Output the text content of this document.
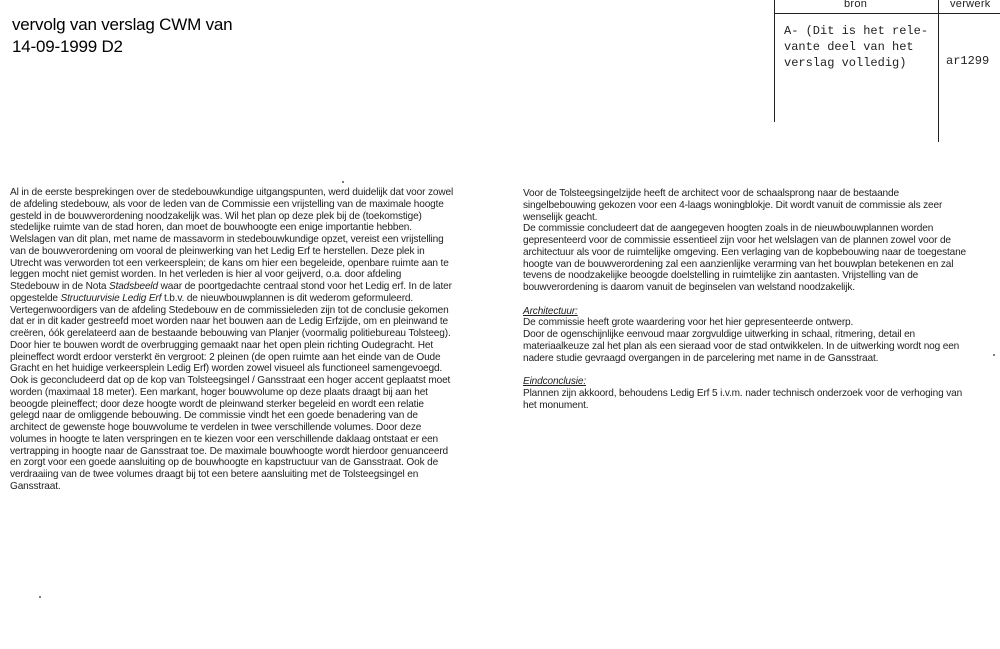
vervolg van verslag CWM van
14-09-1999 D2
bron	verwerk
A- (Dit is het rele-
vante deel van het
verslag volledig)	ar1299
Al in de eerste besprekingen over de stedebouwkundige uitgangspunten, werd duidelijk dat voor zowel
de afdeling stedebouw, als voor de leden van de Commissie een vrijstelling van de maximale hoogte
gesteld in de bouwverordening noodzakelijk was. Wil het plan op deze plek bij de (toekomstige)
stedelijke ruimte van de stad horen, dan moet de bouwhoogte een enige importantie hebben.
Welslagen van dit plan, met name de massavorm in stedebouwkundige opzet, vereist een vrijstelling
van de bouwverordening om vooral de pleinwerking van het Ledig Erf te herstellen. Deze plek in
Utrecht was verworden tot een verkeersplein; de kans om hier een begeleide, openbare ruimte aan te
leggen mocht niet gemist worden. In het verleden is hier al voor geijverd, o.a. door afdeling
Stedebouw in de Nota Stadsbeeld waar de poortgedachte centraal stond voor het Ledig erf. In de later
opgestelde Structuurvisie Ledig Erf t.b.v. de nieuwbouwplannen is dit wederom geformuleerd.
Vertegenwoordigers van de afdeling Stedebouw en de commissieleden zijn tot de conclusie gekomen
dat er in dit kader gestreefd moet worden naar het bouwen aan de Ledig Erfzijde, om en pleinwand te
creëren, óók gerelateerd aan de bestaande bebouwing van Planjer (voormalig politiebureau Tolsteeg).
Door hier te bouwen wordt de overbrugging gemaakt naar het open plein richting Oudegracht. Het
pleineffect wordt erdoor versterkt ën vergroot: 2 pleinen (de open ruimte aan het einde van de Oude
Gracht en het huidige verkeersplein Ledig Erf) worden zowel visueel als functioneel samengevoegd.
Ook is geconcludeerd dat op de kop van Tolsteegsingel / Gansstraat een hoger accent geplaatst moet
worden (maximaal 18 meter). Een markant, hoger bouwvolume op deze plaats draagt bij aan het
beoogde pleineffect; door deze hoogte wordt de pleinwand sterker begeleid en wordt een relatie
gelegd naar de omliggende bebouwing. De commissie vindt het een goede benadering van de
architect de gewenste hoge bouwvolume te verdelen in twee verschillende volumes. Door deze
volumes in hoogte te laten verspringen en te kiezen voor een verschillende daklaag ontstaat er een
vertrapping in hoogte naar de Gansstraat toe. De maximale bouwhoogte wordt hierdoor genuanceerd
en zorgt voor een goede aansluiting op de bouwhoogte en kapstructuur van de Gansstraat. Ook de
verdraaiing van de twee volumes draagt bij tot een betere aansluiting met de Tolsteegsingel en
Gansstraat.
Voor de Tolsteegsingelzijde heeft de architect voor de schaalsprong naar de bestaande
singelbebouwing gekozen voor een 4-laags woningblokje. Dit wordt vanuit de commissie als zeer
wenselijk geacht.
De commissie concludeert dat de aangegeven hoogten zoals in de nieuwbouwplannen worden
gepresenteerd voor de commissie essentieel zijn voor het welslagen van de plannen zowel voor de
architectuur als voor de ruimtelijke omgeving. Een verlaging van de kopbebouwing naar de toegestane
hoogte van de bouwverordening zal een aanzienlijke verarming van het bouwplan betekenen en zal
tevens de noodzakelijke beoogde doelstelling in ruimtelijke zin aantasten. Vrijstelling van de
bouwverordening is daarom vanuit de beginselen van welstand noodzakelijk.
Architectuur:
De commissie heeft grote waardering voor het hier gepresenteerde ontwerp.
Door de ogenschijnlijke eenvoud maar zorgvuldige uitwerking in schaal, ritmering, detail en
materiaalkeuze zal het plan als een sieraad voor de stad ontwikkelen. In de uitwerking wordt nog een
nadere studie gevraagd overgangen in de parcelering met name in de Gansstraat.
Eindconclusie:
Plannen zijn akkoord, behoudens Ledig Erf 5 i.v.m. nader technisch onderzoek voor de verhoging van
het monument.
